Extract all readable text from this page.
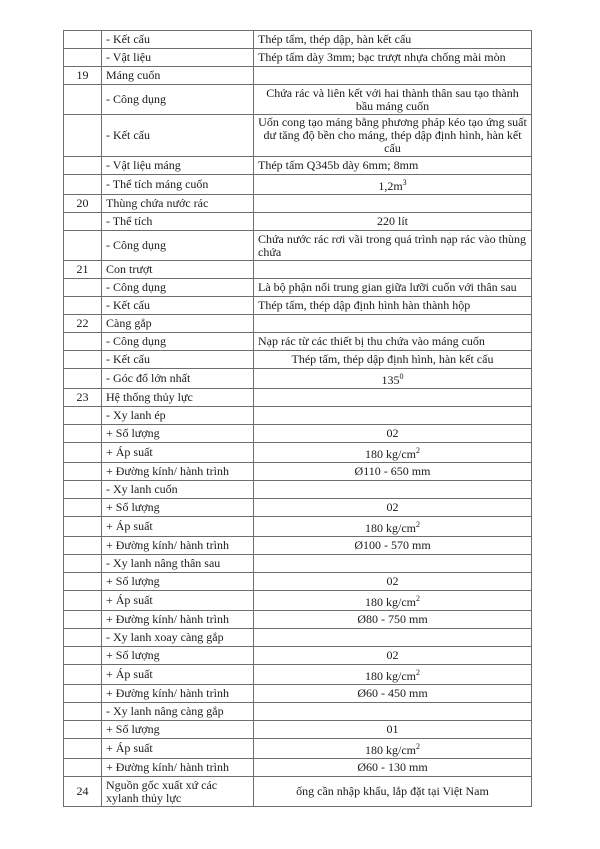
	- Kết cấu	Thép tấm, thép dập, hàn kết cấu
	- Vật liệu	Thép tấm dày 3mm; bạc trượt nhựa chống mài mòn
19	Máng cuốn	
	- Công dụng	Chứa rác và liên kết với hai thành thân sau tạo thành bầu máng cuốn
	- Kết cấu	Uốn cong tạo máng bằng phương pháp kéo tạo ứng suất dư tăng độ bền cho máng, thép dập định hình, hàn kết cấu
	- Vật liệu máng	Thép tấm Q345b dày 6mm; 8mm
	- Thể tích máng cuốn	$1,2m^3$
20	Thùng chứa nước rác	
	- Thể tích	220 lít
	- Công dụng	Chứa nước rác rơi vãi trong quá trình nạp rác vào thùng chứa
21	Con trượt	
	- Công dụng	Là bộ phận nối trung gian giữa lưỡi cuốn với thân sau
	- Kết cấu	Thép tấm, thép dập định hình hàn thành hộp
22	Càng gắp	
	- Công dụng	Nạp rác từ các thiết bị thu chứa vào máng cuốn
	- Kết cấu	Thép tấm, thép dập định hình, hàn kết cấu
	- Góc đổ lớn nhất	$135^0$
23	Hệ thống thủy lực	
	- Xy lanh ép	
	+ Số lượng	02
	+ Áp suất	180 $kg/cm^2$
	+ Đường kính/ hành trình	Ø110 - 650 mm
	- Xy lanh cuốn	
	+ Số lượng	02
	+ Áp suất	180 $kg/cm^2$
	+ Đường kính/ hành trình	Ø100 - 570 mm
	- Xy lanh nâng thân sau	
	+ Số lượng	02
	+ Áp suất	180 $kg/cm^2$
	+ Đường kính/ hành trình	Ø80 - 750 mm
	- Xy lanh xoay càng gắp	
	+ Số lượng	02
	+ Áp suất	180 $kg/cm^2$
	+ Đường kính/ hành trình	Ø60 - 450 mm
	- Xy lanh nâng càng gắp	
	+ Số lượng	01
	+ Áp suất	180 $kg/cm^2$
	+ Đường kính/ hành trình	Ø60 - 130 mm
24	Nguồn gốc xuất xứ các xylanh thủy lực	ống cần nhập khẩu, lắp đặt tại Việt Nam
